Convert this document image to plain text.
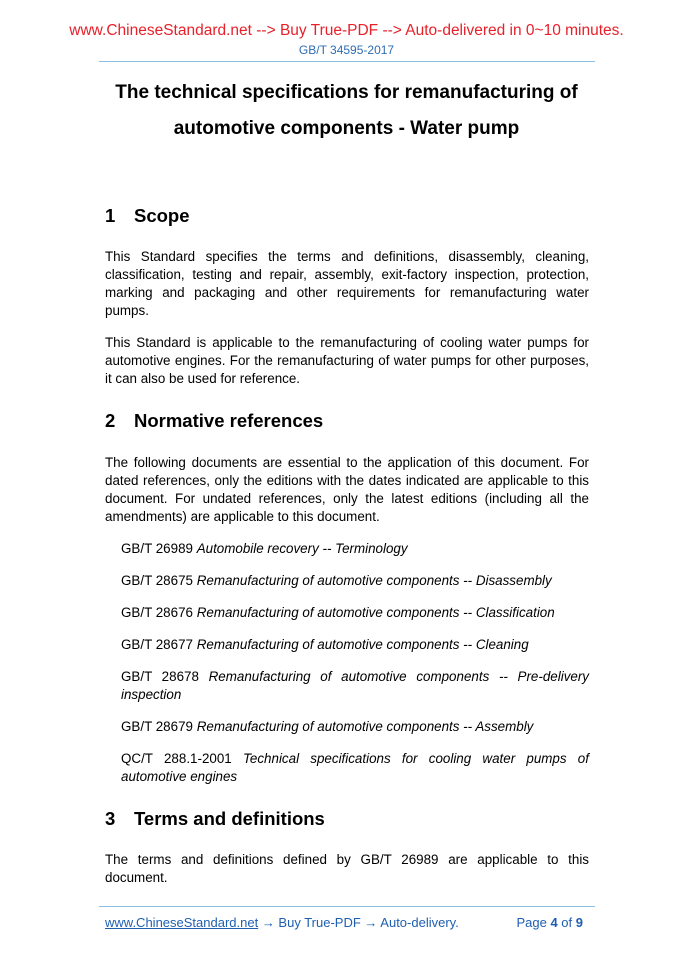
www.ChineseStandard.net --> Buy True-PDF --> Auto-delivered in 0~10 minutes.
GB/T 34595-2017
The technical specifications for remanufacturing of
automotive components - Water pump
1 Scope
This Standard specifies the terms and definitions, disassembly, cleaning, classification, testing and repair, assembly, exit-factory inspection, protection, marking and packaging and other requirements for remanufacturing water pumps.
This Standard is applicable to the remanufacturing of cooling water pumps for automotive engines. For the remanufacturing of water pumps for other purposes, it can also be used for reference.
2 Normative references
The following documents are essential to the application of this document. For dated references, only the editions with the dates indicated are applicable to this document. For undated references, only the latest editions (including all the amendments) are applicable to this document.
GB/T 26989 Automobile recovery -- Terminology
GB/T 28675 Remanufacturing of automotive components -- Disassembly
GB/T 28676 Remanufacturing of automotive components -- Classification
GB/T 28677 Remanufacturing of automotive components -- Cleaning
GB/T 28678 Remanufacturing of automotive components -- Pre-delivery inspection
GB/T 28679 Remanufacturing of automotive components -- Assembly
QC/T 288.1-2001 Technical specifications for cooling water pumps of automotive engines
3 Terms and definitions
The terms and definitions defined by GB/T 26989 are applicable to this document.
www.ChineseStandard.net → Buy True-PDF → Auto-delivery.	Page 4 of 9
